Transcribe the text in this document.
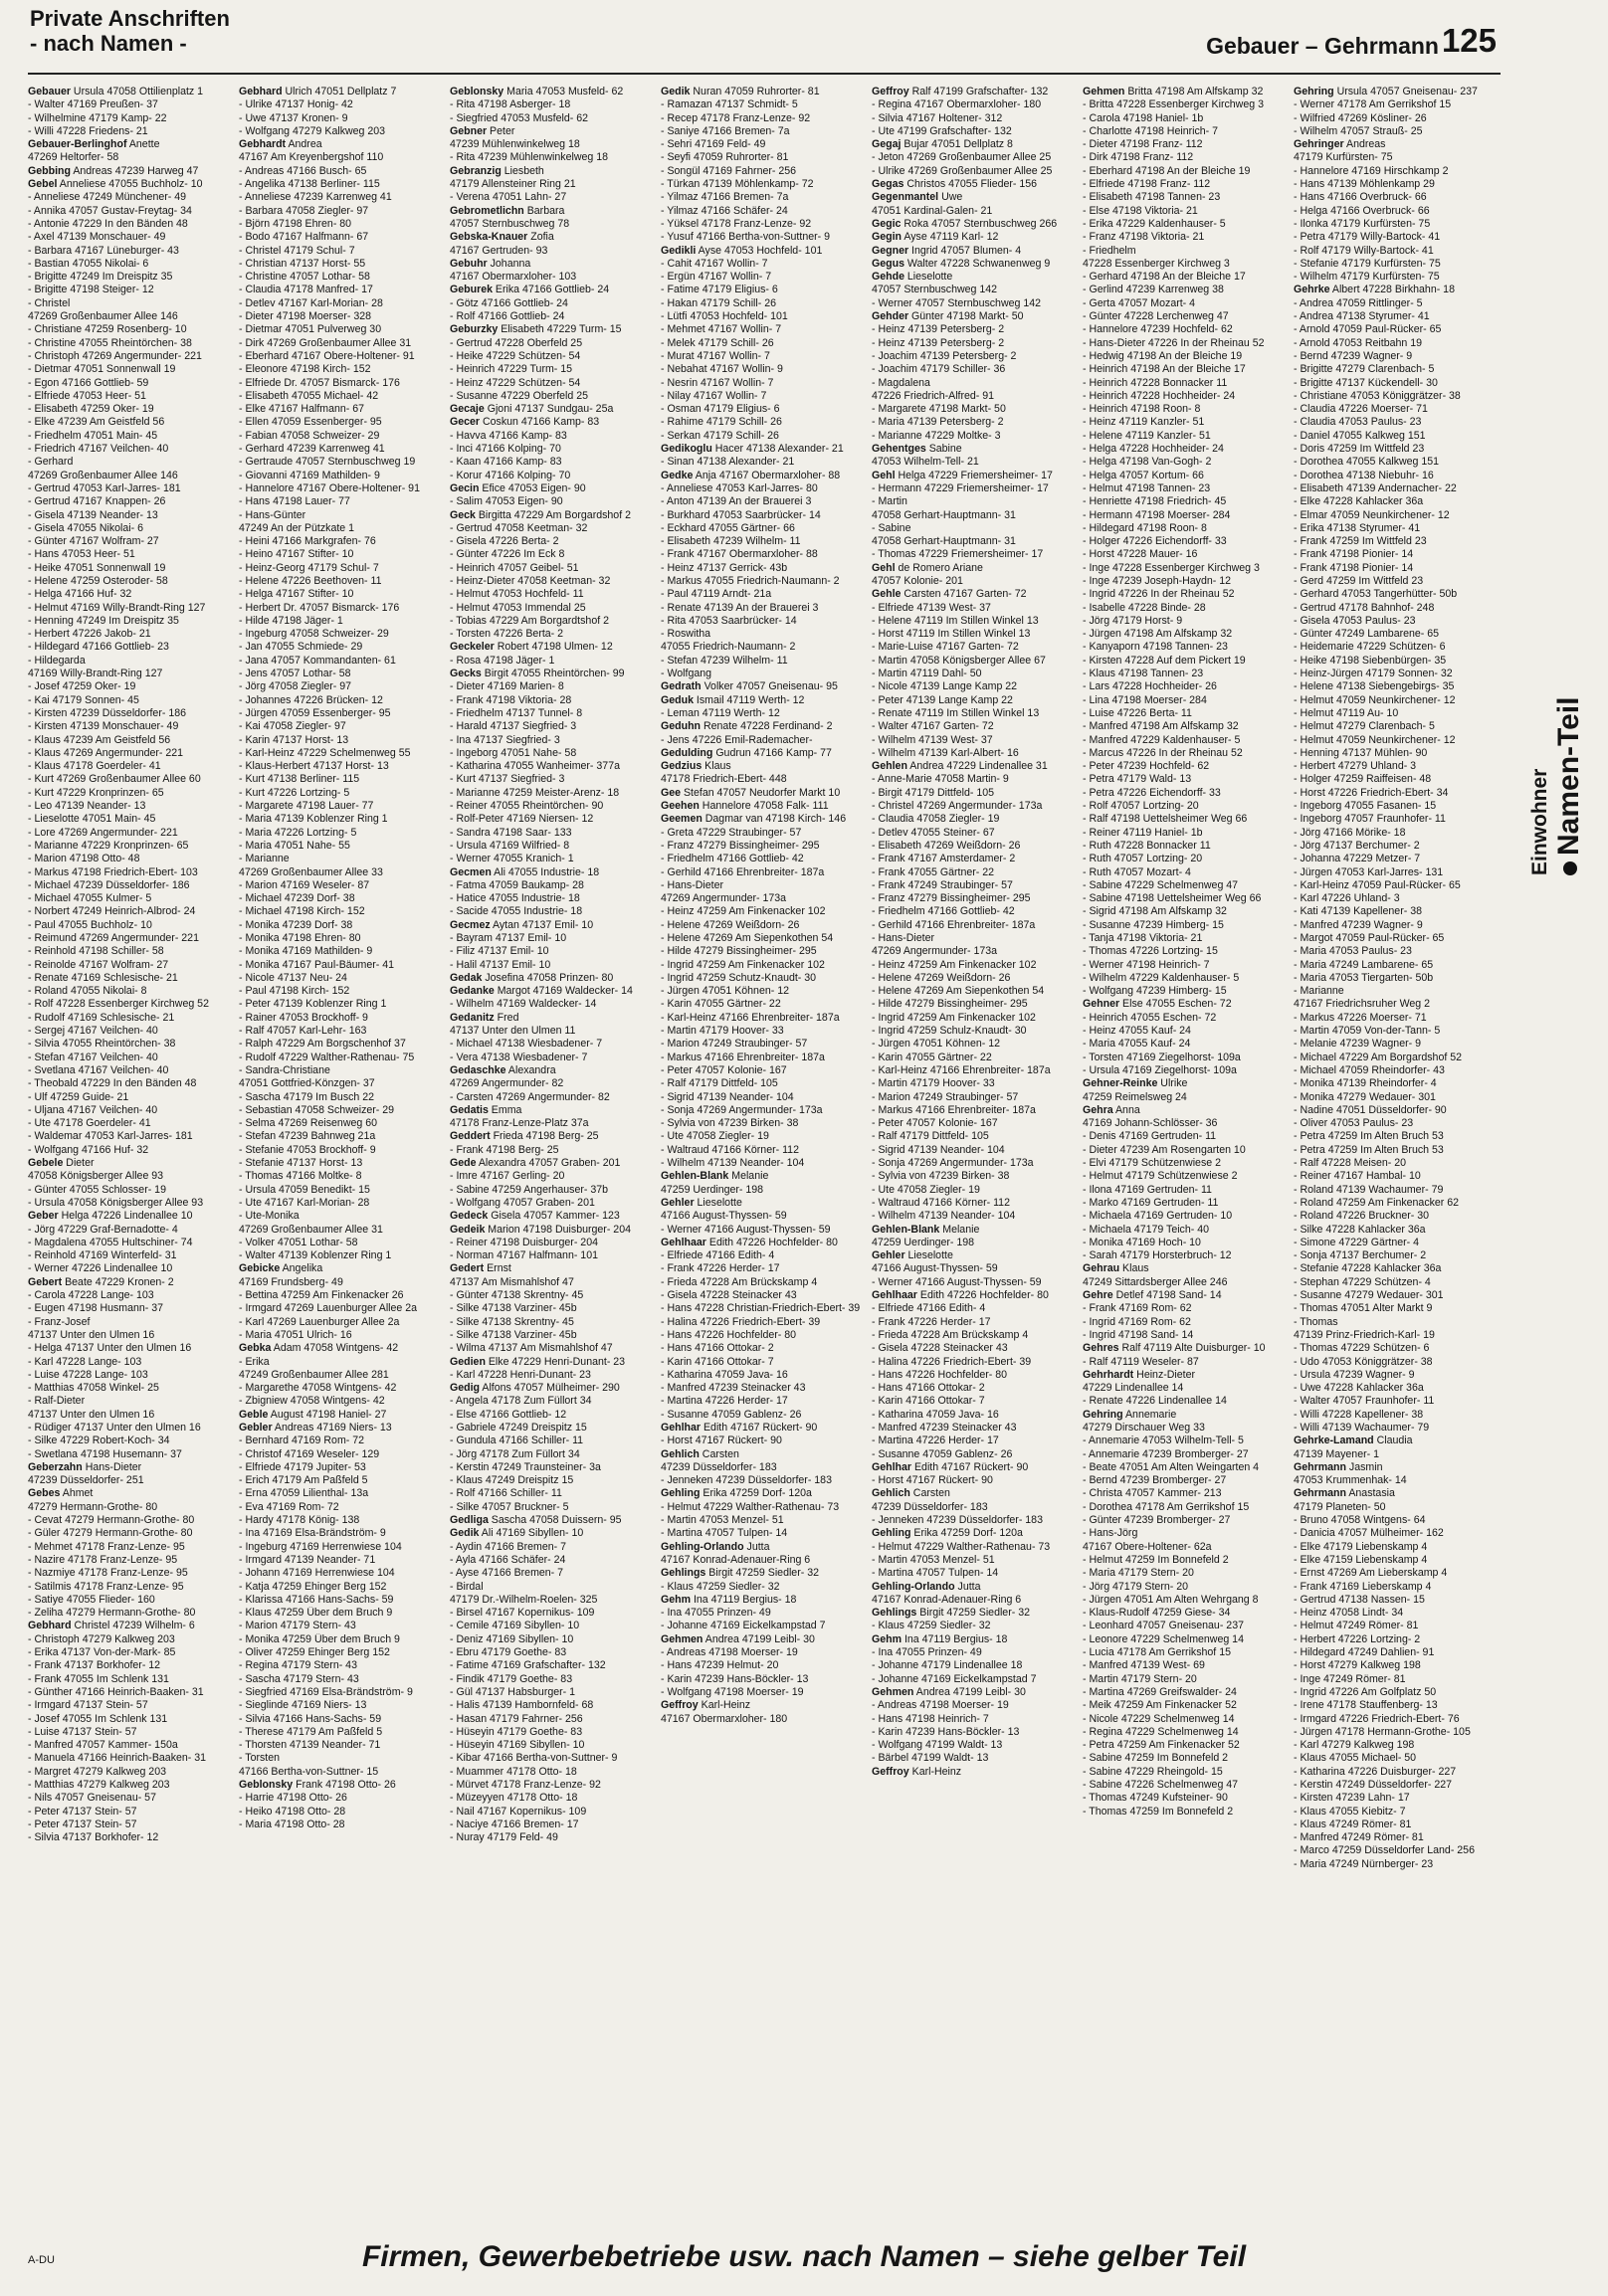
Private Anschriften
- nach Namen -	Gebauer – Gehrmann 125
Gebauer Ursula 47058 Ottilienplatz 1
- Walter 47169 Preußen- 37
- Wilhelmine 47179 Kamp- 22
- Willi 47228 Friedens- 21
Gebauer-Berlinghof Anette
47269 Heltorfer- 58
Gebbing Andreas 47239 Harweg 47
Gebel Anneliese 47055 Buchholz- 10
- Anneliese 47249 Münchener- 49
- Annika 47057 Gustav-Freytag- 34
- Antonie 47229 In den Bänden 48
- Axel 47139 Monschauer- 49
- Barbara 47167 Lüneburger- 43
- Bastian 47055 Nikolai- 6
- Brigitte 47249 Im Dreispitz 35
- Brigitte 47198 Steiger- 12
- Christel
47269 Großenbaumer Allee 146
- Christiane 47259 Rosenberg- 10
- Christine 47055 Rheintörchen- 38
- Christoph 47269 Angermunder- 221
- Dietmar 47051 Sonnenwall 19
- Egon 47166 Gottlieb- 59
- Elfriede 47053 Heer- 51
- Elisabeth 47259 Oker- 19
- Elke 47239 Am Geistfeld 56
- Friedhelm 47051 Main- 45
- Friedrich 47167 Veilchen- 40
- Gerhard
47269 Großenbaumer Allee 146
- Gertrud 47053 Karl-Jarres- 181
- Gertrud 47167 Knappen- 26
- Gisela 47139 Neander- 13
- Gisela 47055 Nikolai- 6
- Günter 47167 Wolfram- 27
- Hans 47053 Heer- 51
- Heike 47051 Sonnenwall 19
- Helene 47259 Osteroder- 58
- Helga 47166 Huf- 32
- Helmut 47169 Willy-Brandt-Ring 127
- Henning 47249 Im Dreispitz 35
- Herbert 47226 Jakob- 21
- Hildegard 47166 Gottlieb- 23
- Hildegarda
47169 Willy-Brandt-Ring 127
- Josef 47259 Oker- 19
- Kai 47179 Sonnen- 45
- Kirsten 47239 Düsseldorfer- 186
- Kirsten 47139 Monschauer- 49
- Klaus 47239 Am Geistfeld 56
- Klaus 47269 Angermunder- 221
- Klaus 47178 Goerdeler- 41
- Kurt 47269 Großenbaumer Allee 60
- Kurt 47229 Kronprinzen- 65
- Leo 47139 Neander- 13
- Lieselotte 47051 Main- 45
- Lore 47269 Angermunder- 221
- Marianne 47229 Kronprinzen- 65
- Marion 47198 Otto- 48
- Markus 47198 Friedrich-Ebert- 103
- Michael 47239 Düsseldorfer- 186
- Michael 47055 Kulmer- 5
- Norbert 47249 Heinrich-Albrod- 24
- Paul 47055 Buchholz- 10
- Reimund 47269 Angermunder- 221
- Reinhold 47198 Schiller- 58
- Reinolde 47167 Wolfram- 27
- Renate 47169 Schlesische- 21
- Roland 47055 Nikolai- 8
- Rolf 47228 Essenberger Kirchweg 52
- Rudolf 47169 Schlesische- 21
- Sergej 47167 Veilchen- 40
- Silvia 47055 Rheintörchen- 38
- Stefan 47167 Veilchen- 40
- Svetlana 47167 Veilchen- 40
- Theobald 47229 In den Bänden 48
- Ulf 47259 Guide- 21
- Uljana 47167 Veilchen- 40
- Ute 47178 Goerdeler- 41
- Waldemar 47053 Karl-Jarres- 181
- Wolfgang 47166 Huf- 32
Gebele Dieter
47058 Königsberger Allee 93
- Günter 47055 Schlosser- 19
- Ursula 47058 Königsberger Allee 93
Geber Helga 47226 Lindenallee 10
- Jörg 47229 Graf-Bernadotte- 4
- Magdalena 47055 Hultschiner- 74
- Reinhold 47169 Winterfeld- 31
- Werner 47226 Lindenallee 10
Gebert Beate 47229 Kronen- 2
- Carola 47228 Lange- 103
- Eugen 47198 Husmann- 37
- Franz-Josef
47137 Unter den Ulmen 16
- Helga 47137 Unter den Ulmen 16
- Karl 47228 Lange- 103
- Luise 47228 Lange- 103
- Matthias 47058 Winkel- 25
- Ralf-Dieter
47137 Unter den Ulmen 16
- Rüdiger 47137 Unter den Ulmen 16
- Silke 47229 Robert-Koch- 34
- Swetlana 47198 Husemann- 37
Geberzahn Hans-Dieter
47239 Düsseldorfer- 251
Gebes Ahmet
47279 Hermann-Grothe- 80
- Cevat 47279 Hermann-Grothe- 80
- Güler 47279 Hermann-Grothe- 80
- Mehmet 47178 Franz-Lenze- 95
- Nazire 47178 Franz-Lenze- 95
- Nazmiye 47178 Franz-Lenze- 95
- Satilmis 47178 Franz-Lenze- 95
- Satiye 47055 Flieder- 160
- Zeliha 47279 Hermann-Grothe- 80
Gebhard Christel 47239 Wilhelm- 6
- Christoph 47279 Kalkweg 203
- Erika 47137 Von-der-Mark- 85
- Frank 47137 Borkhofer- 12
- Frank 47055 Im Schlenk 131
- Günther 47166 Heinrich-Baaken- 31
- Irmgard 47137 Stein- 57
- Josef 47055 Im Schlenk 131
- Luise 47137 Stein- 57
- Manfred 47057 Kammer- 150a
- Manuela 47166 Heinrich-Baaken- 31
- Margret 47279 Kalkweg 203
- Matthias 47279 Kalkweg 203
- Nils 47057 Gneisenau- 57
- Peter 47137 Stein- 57
- Peter 47137 Stein- 57
- Silvia 47137 Borkhofer- 12
Gebhard Ulrich 47051 Dellplatz 7
- Ulrike 47137 Honig- 42
- Uwe 47137 Kronen- 9
- Wolfgang 47279 Kalkweg 203
Gebhardt Andrea
47167 Am Kreyenbergshof 110
- Andreas 47166 Busch- 65
- Angelika 47138 Berliner- 115
- Anneliese 47239 Karrenweg 41
- Barbara 47058 Ziegler- 97
- Björn 47198 Ehren- 80
- Bodo 47167 Halfmann- 67
- Christel 47179 Schul- 7
- Christian 47137 Horst- 55
- Christine 47057 Lothar- 58
- Claudia 47178 Manfred- 17
- Detlev 47167 Karl-Morian- 28
- Dieter 47198 Moerser- 328
- Dietmar 47051 Pulverweg 30
- Dirk 47269 Großenbaumer Allee 31
- Eberhard 47167 Obere-Holtener- 91
- Eleonore 47198 Kirch- 152
- Elfriede Dr. 47057 Bismarck- 176
- Elisabeth 47055 Michael- 42
- Elke 47167 Halfmann- 67
- Ellen 47059 Essenberger- 95
- Fabian 47058 Schweizer- 29
- Gerhard 47239 Karrenweg 41
- Gertraude 47057 Sternbuschweg 19
- Giovanni 47169 Mathilden- 9
- Hannelore 47167 Obere-Holtener- 91
- Hans 47198 Lauer- 77
- Hans-Günter
47249 An der Pützkate 1
- Heini 47166 Markgrafen- 76
- Heino 47167 Stifter- 10
- Heinz-Georg 47179 Schul- 7
- Helene 47226 Beethoven- 11
- Helga 47167 Stifter- 10
- Herbert Dr. 47057 Bismarck- 176
- Hilde 47198 Jäger- 1
- Ingeburg 47058 Schweizer- 29
- Jan 47055 Schmiede- 29
- Jana 47057 Kommandanten- 61
- Jens 47057 Lothar- 58
- Jörg 47058 Ziegler- 97
- Johannes 47226 Brücken- 12
- Jürgen 47059 Essenberger- 95
- Kai 47058 Ziegler- 97
- Karin 47137 Horst- 13
- Karl-Heinz 47229 Schelmenweg 55
- Klaus-Herbert 47137 Horst- 13
- Kurt 47138 Berliner- 115
- Kurt 47226 Lortzing- 5
- Margarete 47198 Lauer- 77
- Maria 47139 Koblenzer Ring 1
- Maria 47226 Lortzing- 5
- Maria 47051 Nahe- 55
- Marianne
47269 Großenbaumer Allee 33
- Marion 47169 Weseler- 87
- Michael 47239 Dorf- 38
- Michael 47198 Kirch- 152
- Monika 47239 Dorf- 38
- Monika 47198 Ehren- 80
- Monika 47169 Mathilden- 9
- Monika 47167 Paul-Bäumer- 41
- Nicole 47137 Neu- 24
- Paul 47198 Kirch- 152
- Peter 47139 Koblenzer Ring 1
- Rainer 47053 Brockhoff- 9
- Ralf 47057 Karl-Lehr- 163
- Ralph 47229 Am Borgschenhof 37
- Rudolf 47229 Walther-Rathenau- 75
- Sandra-Christiane
47051 Gottfried-Könzgen- 37
- Sascha 47179 Im Busch 22
- Sebastian 47058 Schweizer- 29
- Selma 47269 Reisenweg 60
- Stefan 47239 Bahnweg 21a
- Stefanie 47053 Brockhoff- 9
- Stefanie 47137 Horst- 13
- Thomas 47166 Moltke- 8
- Ursula 47059 Benedikt- 15
- Ute 47167 Karl-Morian- 28
- Ute-Monika
47269 Großenbaumer Allee 31
- Volker 47051 Lothar- 58
- Walter 47139 Koblenzer Ring 1
Gebicke Angelika
47169 Frundsberg- 49
- Bettina 47259 Am Finkenacker 26
- Irmgard 47269 Lauenburger Allee 2a
- Karl 47269 Lauenburger Allee 2a
- Maria 47051 Ulrich- 16
Gebka Adam 47058 Wintgens- 42
- Erika
47249 Großenbaumer Allee 281
- Margarethe 47058 Wintgens- 42
- Zbigniew 47058 Wintgens- 42
Geble August 47198 Haniel- 27
Gebler Andreas 47169 Niers- 13
- Bernhard 47169 Rom- 72
- Christof 47169 Weseler- 129
- Elfriede 47179 Jupiter- 53
- Erich 47179 Am Paßfeld 5
- Erna 47059 Lilienthal- 13a
- Eva 47169 Rom- 72
- Hardy 47178 König- 138
- Ina 47169 Elsa-Brändström- 9
- Ingeburg 47169 Herrenwiese 104
- Irmgard 47139 Neander- 71
- Johann 47169 Herrenwiese 104
- Katja 47259 Ehinger Berg 152
- Klarissa 47166 Hans-Sachs- 59
- Klaus 47259 Über dem Bruch 9
- Marion 47179 Stern- 43
- Monika 47259 Über dem Bruch 9
- Oliver 47259 Ehinger Berg 152
- Regina 47179 Stern- 43
- Sascha 47179 Stern- 43
- Siegfried 47169 Elsa-Brändström- 9
- Sieglinde 47169 Niers- 13
- Silvia 47166 Hans-Sachs- 59
- Therese 47179 Am Paßfeld 5
- Thorsten 47139 Neander- 71
- Torsten
47166 Bertha-von-Suttner- 15
Geblonsky Frank 47198 Otto- 26
- Harrie 47198 Otto- 26
- Heiko 47198 Otto- 28
- Maria 47198 Otto- 28
Geblonsky Maria 47053 Musfeld- 62
- Rita 47198 Asberger- 18
- Siegfried 47053 Musfeld- 62
Gebner Peter
47239 Mühlenwinkelweg 18
- Rita 47239 Mühlenwinkelweg 18
Gebranzig Liesbeth
47179 Allensteiner Ring 21
- Verena 47051 Lahn- 27
Gebrometlichn Barbara
47057 Sternbuschweg 78
Gebska-Knauer Zofia
47167 Gertruden- 93
Gebuhr Johanna
47167 Obermarxloher- 103
Geburek Erika 47166 Gottlieb- 24
- Götz 47166 Gottlieb- 24
- Rolf 47166 Gottlieb- 24
Geburzky Elisabeth 47229 Turm- 15
- Gertrud 47228 Oberfeld 25
- Heike 47229 Schützen- 54
- Heinrich 47229 Turm- 15
- Heinz 47229 Schützen- 54
- Susanne 47229 Oberfeld 25
Gecaje Gjoni 47137 Sundgau- 25a
Gecer Coskun 47166 Kamp- 83
- Havva 47166 Kamp- 83
- Inci 47166 Kolping- 70
- Kaan 47166 Kamp- 83
- Korur 47166 Kolping- 70
Gecin Efice 47053 Eigen- 90
- Salim 47053 Eigen- 90
Geck Birgitta 47229 Am Borgardshof 2
- Gertrud 47058 Keetman- 32
- Gisela 47226 Berta- 2
- Günter 47226 Im Eck 8
- Heinrich 47057 Geibel- 51
- Heinz-Dieter 47058 Keetman- 32
- Helmut 47053 Hochfeld- 11
- Helmut 47053 Immendal 25
- Tobias 47229 Am Borgardtshof 2
- Torsten 47226 Berta- 2
Geckeler Robert 47198 Ulmen- 12
- Rosa 47198 Jäger- 1
Gecks Birgit 47055 Rheintörchen- 99
- Dieter 47169 Marien- 8
- Frank 47198 Viktoria- 28
- Friedhelm 47137 Tunnel- 8
- Harald 47137 Siegfried- 3
- Ina 47137 Siegfried- 3
- Ingeborg 47051 Nahe- 58
- Katharina 47055 Wanheimer- 377a
- Kurt 47137 Siegfried- 3
- Marianne 47259 Meister-Arenz- 18
- Reiner 47055 Rheintörchen- 90
- Rolf-Peter 47169 Niersen- 12
- Sandra 47198 Saar- 133
- Ursula 47169 Wilfried- 8
- Werner 47055 Kranich- 1
Gecmen Ali 47055 Industrie- 18
- Fatma 47059 Baukamp- 28
- Hatice 47055 Industrie- 18
- Sacide 47055 Industrie- 18
Gecmez Aytan 47137 Emil- 10
- Bayram 47137 Emil- 10
- Filiz 47137 Emil- 10
- Halil 47137 Emil- 10
Gedak Josefina 47058 Prinzen- 80
Gedanke Margot 47169 Waldecker- 14
- Wilhelm 47169 Waldecker- 14
Gedanitz Fred
47137 Unter den Ulmen 11
- Michael 47138 Wiesbadener- 7
- Vera 47138 Wiesbadener- 7
Gedaschke Alexandra
47269 Angermunder- 82
- Carsten 47269 Angermunder- 82
Gedatis Emma
47178 Franz-Lenze-Platz 37a
Geddert Frieda 47198 Berg- 25
- Frank 47198 Berg- 25
Gede Alexandra 47057 Graben- 201
- Imre 47167 Gerling- 20
- Sabine 47259 Angerhauser- 37b
- Wolfgang 47057 Graben- 201
Gedeck Gisela 47057 Kammer- 123
Gedeik Marion 47198 Duisburger- 204
- Reiner 47198 Duisburger- 204
- Norman 47167 Halfmann- 101
Gedert Ernst
47137 Am Mismahlshof 47
- Günter 47138 Skrentny- 45
- Silke 47138 Varziner- 45b
- Silke 47138 Skrentny- 45
- Silke 47138 Varziner- 45b
- Wilma 47137 Am Mismahlshof 47
Gedien Elke 47229 Henri-Dunant- 23
- Karl 47228 Henri-Dunant- 23
Gedig Alfons 47057 Mülheimer- 290
- Angela 47178 Zum Füllort 34
- Else 47166 Gottlieb- 12
- Gabriele 47249 Dreispitz 15
- Gundula 47166 Schiller- 11
- Jörg 47178 Zum Füllort 34
- Kerstin 47249 Traunsteiner- 3a
- Klaus 47249 Dreispitz 15
- Rolf 47166 Schiller- 11
- Silke 47057 Bruckner- 5
Gedliga Sascha 47058 Duissern- 95
Gedik Ali 47169 Sibyllen- 10
- Aydin 47166 Bremen- 7
- Ayla 47166 Schäfer- 24
- Ayse 47166 Bremen- 7
- Birdal
47179 Dr.-Wilhelm-Roelen- 325
- Birsel 47167 Kopernikus- 109
- Cemile 47169 Sibyllen- 10
- Deniz 47169 Sibyllen- 10
- Ebru 47179 Goethe- 83
- Fatime 47169 Grafschafter- 132
- Findik 47179 Goethe- 83
- Gül 47137 Habsburger- 1
- Halis 47139 Hambornfeld- 68
- Hasan 47179 Fahrner- 256
- Hüseyin 47179 Goethe- 83
- Hüseyin 47169 Sibyllen- 10
- Kibar 47166 Bertha-von-Suttner- 9
- Muammer 47178 Otto- 18
- Mürvet 47178 Franz-Lenze- 92
- Müzeyyen 47178 Otto- 18
- Nail 47167 Kopernikus- 109
- Naciye 47166 Bremen- 17
- Nuray 47179 Feld- 49
Gedik Nuran 47059 Ruhrorter- 81
- Ramazan 47137 Schmidt- 5
- Recep 47178 Franz-Lenze- 92
- Saniye 47166 Bremen- 7a
- Sehri 47169 Feld- 49
- Seyfi 47059 Ruhrorter- 81
- Songül 47169 Fahrner- 256
- Türkan 47139 Möhlenkamp- 72
- Yilmaz 47166 Bremen- 7a
- Yilmaz 47166 Schäfer- 24
- Yüksel 47178 Franz-Lenze- 92
- Yusuf 47166 Bertha-von-Suttner- 9
Gedikli Ayse 47053 Hochfeld- 101
- Cahit 47167 Wollin- 7
- Ergün 47167 Wollin- 7
- Fatime 47179 Eligius- 6
- Hakan 47179 Schill- 26
- Lütfi 47053 Hochfeld- 101
- Mehmet 47167 Wollin- 7
- Melek 47179 Schill- 26
- Murat 47167 Wollin- 7
- Nebahat 47167 Wollin- 9
- Nesrin 47167 Wollin- 7
- Nilay 47167 Wollin- 7
- Osman 47179 Eligius- 6
- Rahime 47179 Schill- 26
- Serkan 47179 Schill- 26
Gedikoglu Hacer 47138 Alexander- 21
- Sinan 47138 Alexander- 21
Gedke Anja 47167 Obermarxloher- 88
- Anneliese 47053 Karl-Jarres- 80
- Anton 47139 An der Brauerei 3
- Burkhard 47053 Saarbrücker- 14
- Eckhard 47055 Gärtner- 66
- Elisabeth 47239 Wilhelm- 11
- Frank 47167 Obermarxloher- 88
- Heinz 47137 Gerrick- 43b
- Markus 47055 Friedrich-Naumann- 2
- Paul 47119 Arndt- 21a
- Renate 47139 An der Brauerei 3
- Rita 47053 Saarbrücker- 14
- Roswitha
47055 Friedrich-Naumann- 2
- Stefan 47239 Wilhelm- 11
- Wolfgang
Gedrath Volker 47057 Gneisenau- 95
Geduk Ismail 47119 Werth- 12
- Leman 47119 Werth- 12
Geduhn Renate 47228 Ferdinand- 2
- Jens 47226 Emil-Rademacher-
Gedulding Gudrun 47166 Kamp- 77
Gedzius Klaus
47178 Friedrich-Ebert- 448
Gee Stefan 47057 Neudorfer Markt 10
Geehen Hannelore 47058 Falk- 111
Geemen Dagmar van 47198 Kirch- 146
- Greta 47229 Straubinger- 57
- Franz 47279 Bissingheimer- 295
- Friedhelm 47166 Gottlieb- 42
- Gerhild 47166 Ehrenbreiter- 187a
- Hans-Dieter
47269 Angermunder- 173a
- Heinz 47259 Am Finkenacker 102
- Helene 47269 Weißdorn- 26
- Helene 47269 Am Siepenkothen 54
- Hilde 47279 Bissingheimer- 295
- Ingrid 47259 Am Finkenacker 102
- Ingrid 47259 Schutz-Knaudt- 30
- Jürgen 47051 Köhnen- 12
- Karin 47055 Gärtner- 22
- Karl-Heinz 47166 Ehrenbreiter- 187a
- Martin 47179 Hoover- 33
- Marion 47249 Straubinger- 57
- Markus 47166 Ehrenbreiter- 187a
- Peter 47057 Kolonie- 167
- Ralf 47179 Dittfeld- 105
- Sigrid 47139 Neander- 104
- Sonja 47269 Angermunder- 173a
- Sylvia von 47239 Birken- 38
- Ute 47058 Ziegler- 19
- Waltraud 47166 Körner- 112
- Wilhelm 47139 Neander- 104
Gehlen-Blank Melanie
47259 Uerdinger- 198
Gehler Lieselotte
47166 August-Thyssen- 59
- Werner 47166 August-Thyssen- 59
Gehlhaar Edith 47226 Hochfelder- 80
- Elfriede 47166 Edith- 4
- Frank 47226 Herder- 17
- Frieda 47228 Am Brückskamp 4
- Gisela 47228 Steinacker 43
- Hans 47228 Christian-Friedrich-Ebert- 39
- Halina 47226 Friedrich-Ebert- 39
- Hans 47226 Hochfelder- 80
- Hans 47166 Ottokar- 2
- Karin 47166 Ottokar- 7
- Katharina 47059 Java- 16
- Manfred 47239 Steinacker 43
- Martina 47226 Herder- 17
- Susanne 47059 Gablenz- 26
Gehlhar Edith 47167 Rückert- 90
- Horst 47167 Rückert- 90
Gehlich Carsten
47239 Düsseldorfer- 183
- Jenneken 47239 Düsseldorfer- 183
Gehling Erika 47259 Dorf- 120a
- Helmut 47229 Walther-Rathenau- 73
- Martin 47053 Menzel- 51
- Martina 47057 Tulpen- 14
Gehling-Orlando Jutta
47167 Konrad-Adenauer-Ring 6
Gehlings Birgit 47259 Siedler- 32
- Klaus 47259 Siedler- 32
Gehm Ina 47119 Bergius- 18
- Ina 47055 Prinzen- 49
- Johanne 47169 Eickelkampstad 7
Gehmen Andrea 47199 Leibl- 30
- Andreas 47198 Moerser- 19
- Hans 47239 Helmut- 20
- Karin 47239 Hans-Böckler- 13
- Wolfgang 47198 Moerser- 19
Geffroy Karl-Heinz
47167 Obermarxloher- 180
Geffroy Ralf 47199 Grafschafter- 132
- Regina 47167 Obermarxloher- 180
- Silvia 47167 Holtener- 312
- Ute 47199 Grafschafter- 132
Gegaj Bujar 47051 Dellplatz 8
- Jeton 47269 Großenbaumer Allee 25
- Ulrike 47269 Großenbaumer Allee 25
Gegas Christos 47055 Flieder- 156
Gegenmantel Uwe
47051 Kardinal-Galen- 21
Gegic Roka 47057 Sternbuschweg 266
Gegin Ayse 47119 Karl- 12
Gegner Ingrid 47057 Blumen- 4
Gegus Walter 47228 Schwanenweg 9
Gehde Lieselotte
47057 Sternbuschweg 142
- Werner 47057 Sternbuschweg 142
Gehder Günter 47198 Markt- 50
- Heinz 47139 Petersberg- 2
- Heinz 47139 Petersberg- 2
- Joachim 47139 Petersberg- 2
- Joachim 47179 Schiller- 36
- Magdalena
47226 Friedrich-Alfred- 91
- Margarete 47198 Markt- 50
- Maria 47139 Petersberg- 2
- Marianne 47229 Moltke- 3
Gehentges Sabine
47053 Wilhelm-Tell- 21
Gehl Helga 47229 Friemersheimer- 17
- Hermann 47229 Friemersheimer- 17
- Martin
47058 Gerhart-Hauptmann- 31
- Sabine
47058 Gerhart-Hauptmann- 31
- Thomas 47229 Friemersheimer- 17
Gehl de Romero Ariane
47057 Kolonie- 201
Gehle Carsten 47167 Garten- 72
- Elfriede 47139 West- 37
- Helene 47119 Im Stillen Winkel 13
- Horst 47119 Im Stillen Winkel 13
- Marie-Luise 47167 Garten- 72
- Martin 47058 Königsberger Allee 67
- Martin 47119 Dahl- 50
- Nicole 47139 Lange Kamp 22
- Peter 47139 Lange Kamp 22
- Renate 47119 Im Stillen Winkel 13
- Walter 47167 Garten- 72
- Wilhelm 47139 West- 37
- Wilhelm 47139 Karl-Albert- 16
Gehlen Andrea 47229 Lindenallee 31
- Anne-Marie 47058 Martin- 9
- Birgit 47179 Dittfeld- 105
- Christel 47269 Angermunder- 173a
- Claudia 47058 Ziegler- 19
- Detlev 47055 Steiner- 67
- Elisabeth 47269 Weißdorn- 26
- Frank 47167 Amsterdamer- 2
- Frank 47055 Gärtner- 22
- Frank 47249 Straubinger- 57
- Franz 47279 Bissingheimer- 295
- Friedhelm 47166 Gottlieb- 42
- Gerhild 47166 Ehrenbreiter- 187a
- Hans-Dieter
47269 Angermunder- 173a
- Heinz 47259 Am Finkenacker 102
- Helene 47269 Weißdorn- 26
- Helene 47269 Am Siepenkothen 54
- Hilde 47279 Bissingheimer- 295
- Ingrid 47259 Am Finkenacker 102
- Ingrid 47259 Schulz-Knaudt- 30
- Jürgen 47051 Köhnen- 12
- Karin 47055 Gärtner- 22
- Karl-Heinz 47166 Ehrenbreiter- 187a
- Martin 47179 Hoover- 33
- Marion 47249 Straubinger- 57
- Markus 47166 Ehrenbreiter- 187a
- Peter 47057 Kolonie- 167
- Ralf 47179 Dittfeld- 105
- Sigrid 47139 Neander- 104
- Sonja 47269 Angermunder- 173a
- Sylvia von 47239 Birken- 38
- Ute 47058 Ziegler- 19
- Waltraud 47166 Körner- 112
- Wilhelm 47139 Neander- 104
Gehlen-Blank Melanie
47259 Uerdinger- 198
Gehler Lieselotte
47166 August-Thyssen- 59
- Werner 47166 August-Thyssen- 59
Gehlhaar Edith 47226 Hochfelder- 80
- Elfriede 47166 Edith- 4
- Frank 47226 Herder- 17
- Frieda 47228 Am Brückskamp 4
- Gisela 47228 Steinacker 43
- Halina 47226 Friedrich-Ebert- 39
- Hans 47226 Hochfelder- 80
- Hans 47166 Ottokar- 2
- Karin 47166 Ottokar- 7
- Katharina 47059 Java- 16
- Manfred 47239 Steinacker 43
- Martina 47226 Herder- 17
- Susanne 47059 Gablenz- 26
Gehlhar Edith 47167 Rückert- 90
- Horst 47167 Rückert- 90
Gehlich Carsten
47239 Düsseldorfer- 183
- Jenneken 47239 Düsseldorfer- 183
Gehling Erika 47259 Dorf- 120a
- Helmut 47229 Walther-Rathenau- 73
- Martin 47053 Menzel- 51
- Martina 47057 Tulpen- 14
Gehling-Orlando Jutta
47167 Konrad-Adenauer-Ring 6
Gehlings Birgit 47259 Siedler- 32
- Klaus 47259 Siedler- 32
Gehm Ina 47119 Bergius- 18
- Ina 47055 Prinzen- 49
- Johanne 47179 Lindenallee 18
- Johanne 47169 Eickelkampstad 7
Gehmen Andrea 47199 Leibl- 30
- Andreas 47198 Moerser- 19
- Hans 47198 Heinrich- 7
- Karin 47239 Hans-Böckler- 13
- Wolfgang 47199 Waldt- 13
- Bärbel 47199 Waldt- 13
Geffroy Karl-Heinz
Gehmen Britta 47198 Am Alfskamp 32
- Britta 47228 Essenberger Kirchweg 3
- Carola 47198 Haniel- 1b
- Charlotte 47198 Heinrich- 7
- Dieter 47198 Franz- 112
- Dirk 47198 Franz- 112
- Eberhard 47198 An der Bleiche 19
- Elfriede 47198 Franz- 112
- Elisabeth 47198 Tannen- 23
- Else 47198 Viktoria- 21
- Erika 47229 Kaldenhauser- 5
- Franz 47198 Viktoria- 21
- Friedhelm
47228 Essenberger Kirchweg 3
- Gerhard 47198 An der Bleiche 17
- Gerlind 47239 Karrenweg 38
- Gerta 47057 Mozart- 4
- Günter 47228 Lerchenweg 47
- Hannelore 47239 Hochfeld- 62
- Hans-Dieter 47226 In der Rheinau 52
- Hedwig 47198 An der Bleiche 19
- Heinrich 47198 An der Bleiche 17
- Heinrich 47228 Bonnacker 11
- Heinrich 47228 Hochheider- 24
- Heinrich 47198 Roon- 8
- Heinz 47119 Kanzler- 51
- Helene 47119 Kanzler- 51
- Helga 47228 Hochheider- 24
- Helga 47198 Van-Gogh- 2
- Helga 47057 Kortum- 66
- Helmut 47198 Tannen- 23
- Henriette 47198 Friedrich- 45
- Hermann 47198 Moerser- 284
- Hildegard 47198 Roon- 8
- Holger 47226 Eichendorff- 33
- Horst 47228 Mauer- 16
- Inge 47228 Essenberger Kirchweg 3
- Inge 47239 Joseph-Haydn- 12
- Ingrid 47226 In der Rheinau 52
- Isabelle 47228 Binde- 28
- Jörg 47179 Horst- 9
- Jürgen 47198 Am Alfskamp 32
- Kanyaporn 47198 Tannen- 23
- Kirsten 47228 Auf dem Pickert 19
- Klaus 47198 Tannen- 23
- Lars 47228 Hochheider- 26
- Lina 47198 Moerser- 284
- Luise 47226 Berta- 11
- Manfred 47198 Am Alfskamp 32
- Manfred 47229 Kaldenhauser- 5
- Marcus 47226 In der Rheinau 52
- Peter 47239 Hochfeld- 62
- Petra 47179 Wald- 13
- Petra 47226 Eichendorff- 33
- Rolf 47057 Lortzing- 20
- Ralf 47198 Uettelsheimer Weg 66
- Reiner 47119 Haniel- 1b
- Ruth 47228 Bonnacker 11
- Ruth 47057 Lortzing- 20
- Ruth 47057 Mozart- 4
- Sabine 47229 Schelmenweg 47
- Sabine 47198 Uettelsheimer Weg 66
- Sigrid 47198 Am Alfskamp 32
- Susanne 47239 Himberg- 15
- Tanja 47198 Viktoria- 21
- Thomas 47226 Lortzing- 15
- Werner 47198 Heinrich- 7
- Wilhelm 47229 Kaldenhauser- 5
- Wolfgang 47239 Himberg- 15
Gehner Else 47055 Eschen- 72
- Heinrich 47055 Eschen- 72
- Heinz 47055 Kauf- 24
- Maria 47055 Kauf- 24
- Torsten 47169 Ziegelhorst- 109a
- Ursula 47169 Ziegelhorst- 109a
Gehner-Reinke Ulrike
47259 Reimelsweg 24
Gehra Anna
47169 Johann-Schlösser- 36
- Denis 47169 Gertruden- 11
- Dieter 47239 Am Rosengarten 10
- Elvi 47179 Schützenwiese 2
- Helmut 47179 Schützenwiese 2
- Ilona 47169 Gertruden- 11
- Marko 47169 Gertruden- 11
- Michaela 47169 Gertruden- 10
- Michaela 47179 Teich- 40
- Monika 47169 Hoch- 10
- Sarah 47179 Horsterbruch- 12
Gehrau Klaus
47249 Sittardsberger Allee 246
Gehre Detlef 47198 Sand- 14
- Frank 47169 Rom- 62
- Ingrid 47169 Rom- 62
- Ingrid 47198 Sand- 14
Gehres Ralf 47119 Alte Duisburger- 10
- Ralf 47119 Weseler- 87
Gehrhardt Heinz-Dieter
47229 Lindenallee 14
- Renate 47226 Lindenallee 14
Gehring Annemarie
47279 Dirschauer Weg 33
- Annemarie 47053 Wilhelm-Tell- 5
- Annemarie 47239 Bromberger- 27
- Beate 47051 Am Alten Weingarten 4
- Bernd 47239 Bromberger- 27
- Christa 47057 Kammer- 213
- Dorothea 47178 Am Gerrikshof 15
- Günter 47239 Bromberger- 27
- Hans-Jörg
47167 Obere-Holtener- 62a
- Helmut 47259 Im Bonnefeld 2
- Maria 47179 Stern- 20
- Jörg 47179 Stern- 20
- Jürgen 47051 Am Alten Wehrgang 8
- Klaus-Rudolf 47259 Giese- 34
- Leonhard 47057 Gneisenau- 237
- Leonore 47229 Schelmenweg 14
- Lucia 47178 Am Gerrikshof 15
- Manfred 47139 West- 69
- Martin 47179 Stern- 20
- Martina 47269 Greifswalder- 24
- Meik 47259 Am Finkenacker 52
- Nicole 47229 Schelmenweg 14
- Regina 47229 Schelmenweg 14
- Petra 47259 Am Finkenacker 52
- Sabine 47259 Im Bonnefeld 2
- Sabine 47229 Rheingold- 15
- Sabine 47226 Schelmenweg 47
- Thomas 47249 Kufsteiner- 90
- Thomas 47259 Im Bonnefeld 2
Gehring Ursula 47057 Gneisenau- 237
- Werner 47178 Am Gerrikshof 15
- Wilfried 47269 Kösliner- 26
- Wilhelm 47057 Strauß- 25
Gehringer Andreas
47179 Kurfürsten- 75
- Hannelore 47169 Hirschkamp 2
- Hans 47139 Möhlenkamp 29
- Hans 47166 Overbruck- 66
- Helga 47166 Overbruck- 66
- Ilonka 47179 Kurfürsten- 75
- Petra 47179 Willy-Bartock- 41
- Rolf 47179 Willy-Bartock- 41
- Stefanie 47179 Kurfürsten- 75
- Wilhelm 47179 Kurfürsten- 75
Gehrke Albert 47228 Birkhahn- 18
- Andrea 47059 Rittlinger- 5
- Andrea 47138 Styrumer- 41
- Arnold 47059 Paul-Rücker- 65
- Arnold 47053 Reitbahn 19
- Bernd 47239 Wagner- 9
- Brigitte 47279 Clarenbach- 5
- Brigitte 47137 Kückendell- 30
- Christiane 47053 Königgrätzer- 38
- Claudia 47226 Moerser- 71
- Claudia 47053 Paulus- 23
- Daniel 47055 Kalkweg 151
- Doris 47259 Im Wittfeld 23
- Dorothea 47055 Kalkweg 151
- Dorothea 47138 Niebuhr- 16
- Elisabeth 47139 Andernacher- 22
- Elke 47228 Kahlacker 36a
- Elmar 47059 Neunkirchener- 12
- Erika 47138 Styrumer- 41
- Frank 47259 Im Wittfeld 23
- Frank 47198 Pionier- 14
- Frank 47198 Pionier- 14
- Gerd 47259 Im Wittfeld 23
- Gerhard 47053 Tangerhütter- 50b
- Gertrud 47178 Bahnhof- 248
- Gisela 47053 Paulus- 23
- Günter 47249 Lambarene- 65
- Heidemarie 47229 Schützen- 6
- Heike 47198 Siebenbürgen- 35
- Heinz-Jürgen 47179 Sonnen- 32
- Helene 47138 Siebengebirgs- 35
- Helmut 47059 Neunkirchener- 12
- Helmut 47119 Au- 10
- Helmut 47279 Clarenbach- 5
- Helmut 47059 Neunkirchener- 12
- Henning 47137 Mühlen- 90
- Herbert 47279 Uhland- 3
- Holger 47259 Raiffeisen- 48
- Horst 47226 Friedrich-Ebert- 34
- Ingeborg 47055 Fasanen- 15
- Ingeborg 47057 Fraunhofer- 11
- Jörg 47166 Mörike- 18
- Jörg 47137 Berchumer- 2
- Johanna 47229 Metzer- 7
- Jürgen 47053 Karl-Jarres- 131
- Karl-Heinz 47059 Paul-Rücker- 65
- Karl 47226 Uhland- 3
- Kati 47139 Kapellener- 38
- Manfred 47239 Wagner- 9
- Margot 47059 Paul-Rücker- 65
- Maria 47053 Paulus- 23
- Maria 47249 Lambarene- 65
- Maria 47053 Tiergarten- 50b
- Marianne
47167 Friedrichsruher Weg 2
- Markus 47226 Moerser- 71
- Martin 47059 Von-der-Tann- 5
- Melanie 47239 Wagner- 9
- Michael 47229 Am Borgardshof 52
- Michael 47059 Rheindorfer- 43
- Monika 47139 Rheindorfer- 4
- Monika 47279 Wedauer- 301
- Nadine 47051 Düsseldorfer- 90
- Oliver 47053 Paulus- 23
- Petra 47259 Im Alten Bruch 53
- Petra 47259 Im Alten Bruch 53
- Ralf 47228 Meisen- 20
- Reiner 47167 Hambal- 10
- Roland 47139 Wachaumer- 79
- Roland 47259 Am Finkenacker 62
- Roland 47226 Bruckner- 30
- Silke 47228 Kahlacker 36a
- Simone 47229 Gärtner- 4
- Sonja 47137 Berchumer- 2
- Stefanie 47228 Kahlacker 36a
- Stephan 47229 Schützen- 4
- Susanne 47279 Wedauer- 301
- Thomas 47051 Alter Markt 9
- Thomas
47139 Prinz-Friedrich-Karl- 19
- Thomas 47229 Schützen- 6
- Udo 47053 Königgrätzer- 38
- Ursula 47239 Wagner- 9
- Uwe 47228 Kahlacker 36a
- Walter 47057 Fraunhofer- 11
- Willi 47228 Kapellener- 38
- Willi 47139 Wachaumer- 79
Gehrke-Lamand Claudia
47139 Mayener- 1
Gehrmann Jasmin
47053 Krummenhak- 14
Gehrmann Anastasia
47179 Planeten- 50
- Bruno 47058 Wintgens- 64
- Danicia 47057 Mülheimer- 162
- Elke 47179 Liebenskamp 4
- Elke 47159 Liebenskamp 4
- Ernst 47269 Am Lieberskamp 4
- Frank 47169 Lieberskamp 4
- Gertrud 47138 Nassen- 15
- Heinz 47058 Lindt- 34
- Helmut 47249 Römer- 81
- Herbert 47226 Lortzing- 2
- Hildegard 47249 Dahlien- 91
- Horst 47279 Kalkweg 198
- Inge 47249 Römer- 81
- Ingrid 47226 Am Golfplatz 50
- Irene 47178 Stauffenberg- 13
- Irmgard 47226 Friedrich-Ebert- 76
- Jürgen 47178 Hermann-Grothe- 105
- Karl 47279 Kalkweg 198
- Klaus 47055 Michael- 50
- Katharina 47226 Duisburger- 227
- Kerstin 47249 Düsseldorfer- 227
- Kirsten 47239 Lahn- 17
- Klaus 47055 Kiebitz- 7
- Klaus 47249 Römer- 81
- Manfred 47249 Römer- 81
- Marco 47259 Düsseldorfer Land- 256
- Maria 47249 Nürnberger- 23
Einwohner Namen-Teil
A-DU	Firmen, Gewerbebetriebe usw. nach Namen – siehe gelber Teil
